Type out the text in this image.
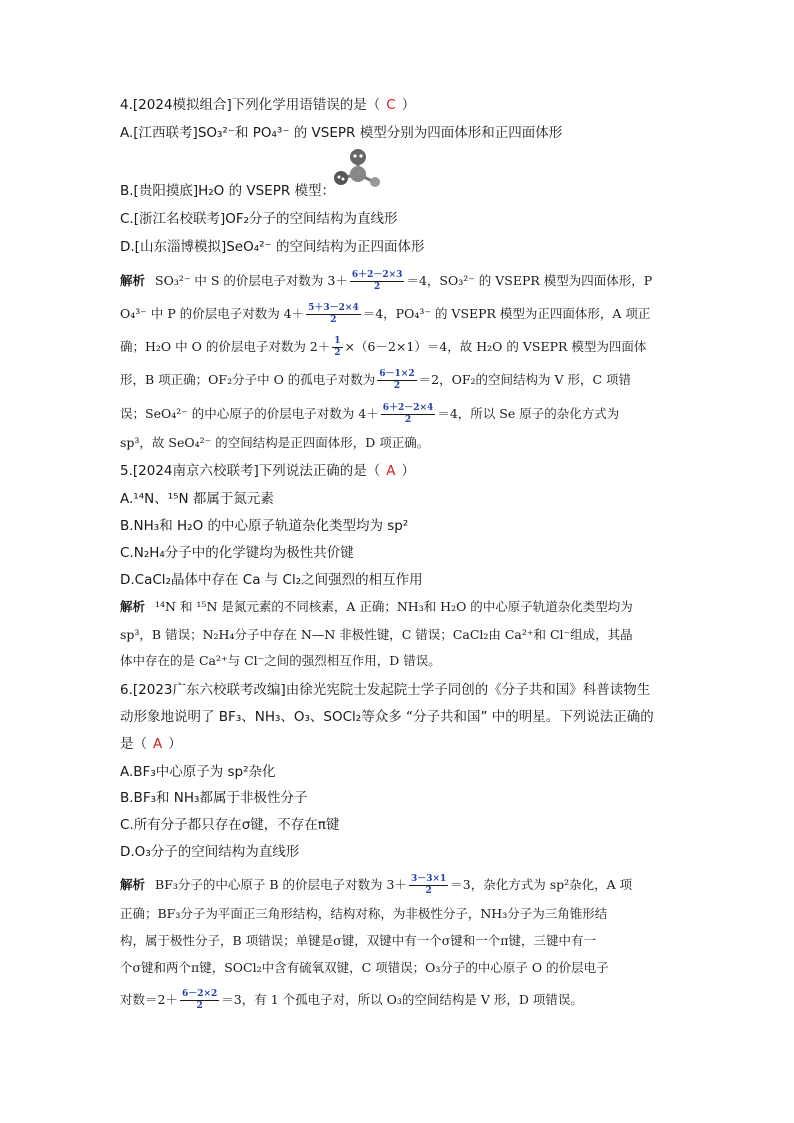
4.[2024模拟组合]下列化学用语错误的是（ C ）
A.[江西联考]SO₃²⁻和 PO₄³⁻ 的 VSEPR 模型分别为四面体形和正四面体形
B.[贵阳摸底]H₂O 的 VSEPR 模型：
C.[浙江名校联考]OF₂分子的空间结构为直线形
D.[山东淄博模拟]SeO₄²⁻ 的空间结构为正四面体形
解析 SO₃²⁻ 中 S 的价层电子对数为 $3+ \frac{6+2-2\times 3}{2} =4$，SO₃²⁻ 的 VSEPR 模型为四面体形，P
O₄³⁻ 中 P 的价层电子对数为 $4+ \frac{5+3-2\times 4}{2} =4$，PO₄³⁻ 的 VSEPR 模型为正四面体形，A 项正
确；H₂O 中 O 的价层电子对数为 $2+ \frac{1}{2} \times(6-2\times 1)=4$，故 H₂O 的 VSEPR 模型为四面体
形，B 项正确；OF₂分子中 O 的孤电子对数为 $\frac{6-1\times 2}{2} =2$，OF₂的空间结构为 V 形，C 项错
误；SeO₄²⁻ 的中心原子的价层电子对数为 $4+ \frac{6+2-2\times 4}{2} =4$，所以 Se 原子的杂化方式为
sp³，故 SeO₄²⁻ 的空间结构是正四面体形，D 项正确。
5.[2024南京六校联考]下列说法正确的是（ A ）
A.¹⁴N、¹⁵N 都属于氮元素
B.NH₃和 H₂O 的中心原子轨道杂化类型均为 sp²
C.N₂H₄分子中的化学键均为极性共价键
D.CaCl₂晶体中存在 Ca 与 Cl₂之间强烈的相互作用
解析 ¹⁴N 和 ¹⁵N 是氮元素的不同核素，A 正确；NH₃和 H₂O 的中心原子轨道杂化类型均为
sp³，B 错误；N₂H₄分子中存在 N—N 非极性键，C 错误；CaCl₂由 Ca²⁺和 Cl⁻组成，其晶
体中存在的是 Ca²⁺与 Cl⁻之间的强烈相互作用，D 错误。
6.[2023广东六校联考改编]由徐光宪院士发起院士学子同创的《分子共和国》科普读物生
动形象地说明了 BF₃、NH₃、O₃、SOCl₂等众多 “分子共和国” 中的明星。下列说法正确的
是（ A ）
A.BF₃中心原子为 sp²杂化
B.BF₃和 NH₃都属于非极性分子
C.所有分子都只存在σ键，不存在π键
D.O₃分子的空间结构为直线形
解析 BF₃分子的中心原子 B 的价层电子对数为 $3+ \frac{3-3\times 1}{2} =3$，杂化方式为 sp²杂化，A 项
正确；BF₃分子为平面正三角形结构，结构对称，为非极性分子，NH₃分子为三角锥形结
构，属于极性分子，B 项错误；单键是σ键，双键中有一个σ键和一个π键，三键中有一
个σ键和两个π键，SOCl₂中含有硫氧双键，C 项错误；O₃分子的中心原子 O 的价层电子
对数$=2+ \frac{6-2\times 2}{2} =3$，有 1 个孤电子对，所以 O₃的空间结构是 V 形，D 项错误。
